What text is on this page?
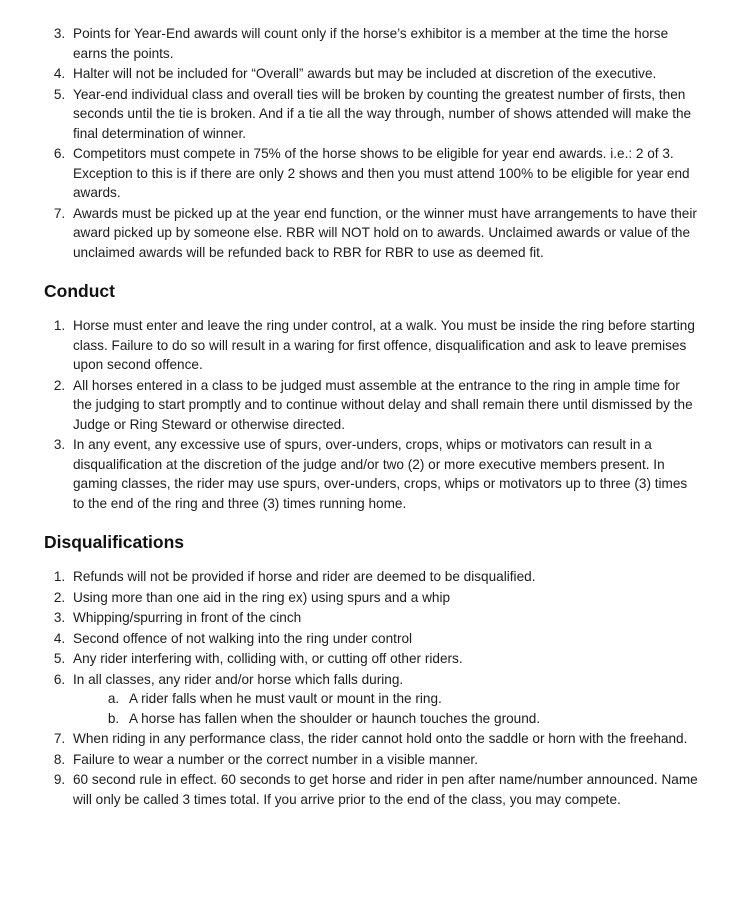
3. Points for Year-End awards will count only if the horse’s exhibitor is a member at the time the horse earns the points.
4. Halter will not be included for “Overall” awards but may be included at discretion of the executive.
5. Year-end individual class and overall ties will be broken by counting the greatest number of firsts, then seconds until the tie is broken. And if a tie all the way through, number of shows attended will make the final determination of winner.
6. Competitors must compete in 75% of the horse shows to be eligible for year end awards. i.e.: 2 of 3. Exception to this is if there are only 2 shows and then you must attend 100% to be eligible for year end awards.
7. Awards must be picked up at the year end function, or the winner must have arrangements to have their award picked up by someone else. RBR will NOT hold on to awards. Unclaimed awards or value of the unclaimed awards will be refunded back to RBR for RBR to use as deemed fit.
Conduct
1. Horse must enter and leave the ring under control, at a walk. You must be inside the ring before starting class. Failure to do so will result in a waring for first offence, disqualification and ask to leave premises upon second offence.
2. All horses entered in a class to be judged must assemble at the entrance to the ring in ample time for the judging to start promptly and to continue without delay and shall remain there until dismissed by the Judge or Ring Steward or otherwise directed.
3. In any event, any excessive use of spurs, over-unders, crops, whips or motivators can result in a disqualification at the discretion of the judge and/or two (2) or more executive members present. In gaming classes, the rider may use spurs, over-unders, crops, whips or motivators up to three (3) times to the end of the ring and three (3) times running home.
Disqualifications
1. Refunds will not be provided if horse and rider are deemed to be disqualified.
2. Using more than one aid in the ring ex) using spurs and a whip
3. Whipping/spurring in front of the cinch
4. Second offence of not walking into the ring under control
5. Any rider interfering with, colliding with, or cutting off other riders.
6. In all classes, any rider and/or horse which falls during.
a. A rider falls when he must vault or mount in the ring.
b. A horse has fallen when the shoulder or haunch touches the ground.
7. When riding in any performance class, the rider cannot hold onto the saddle or horn with the freehand.
8. Failure to wear a number or the correct number in a visible manner.
9. 60 second rule in effect. 60 seconds to get horse and rider in pen after name/number announced. Name will only be called 3 times total. If you arrive prior to the end of the class, you may compete.
